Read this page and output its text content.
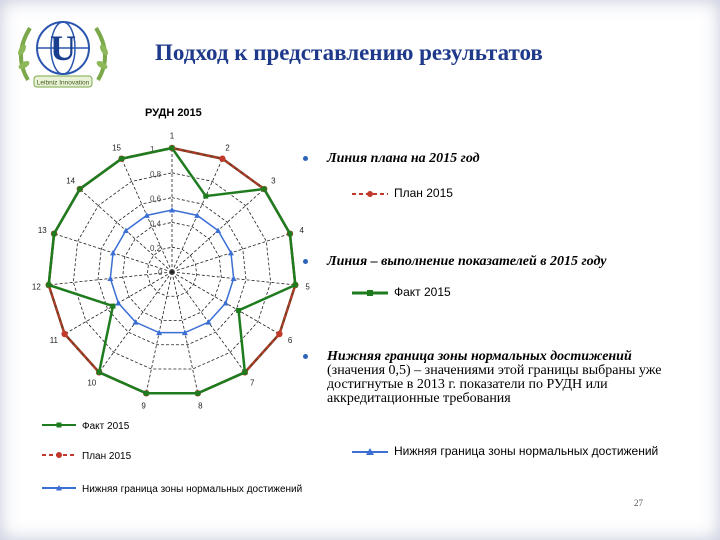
U
Leibniz Innovation
Подход к представлению результатов
РУДН 2015
0,2
0,4
0,6
0,8
1
0
1
2
3
4
5
6
7
8
9
10
11
12
13
14
15
Факт 2015
План 2015
Нижняя граница зоны нормальных достижений
Линия плана на 2015 год
План 2015
Линия – выполнение показателей в 2015 году
Факт 2015
Нижняя граница зоны нормальных достижений
(значения 0,5) – значениями этой границы выбраны уже достигнутые в 2013 г. показатели по РУДН или аккредитационные требования
Нижняя граница зоны нормальных достижений
27
